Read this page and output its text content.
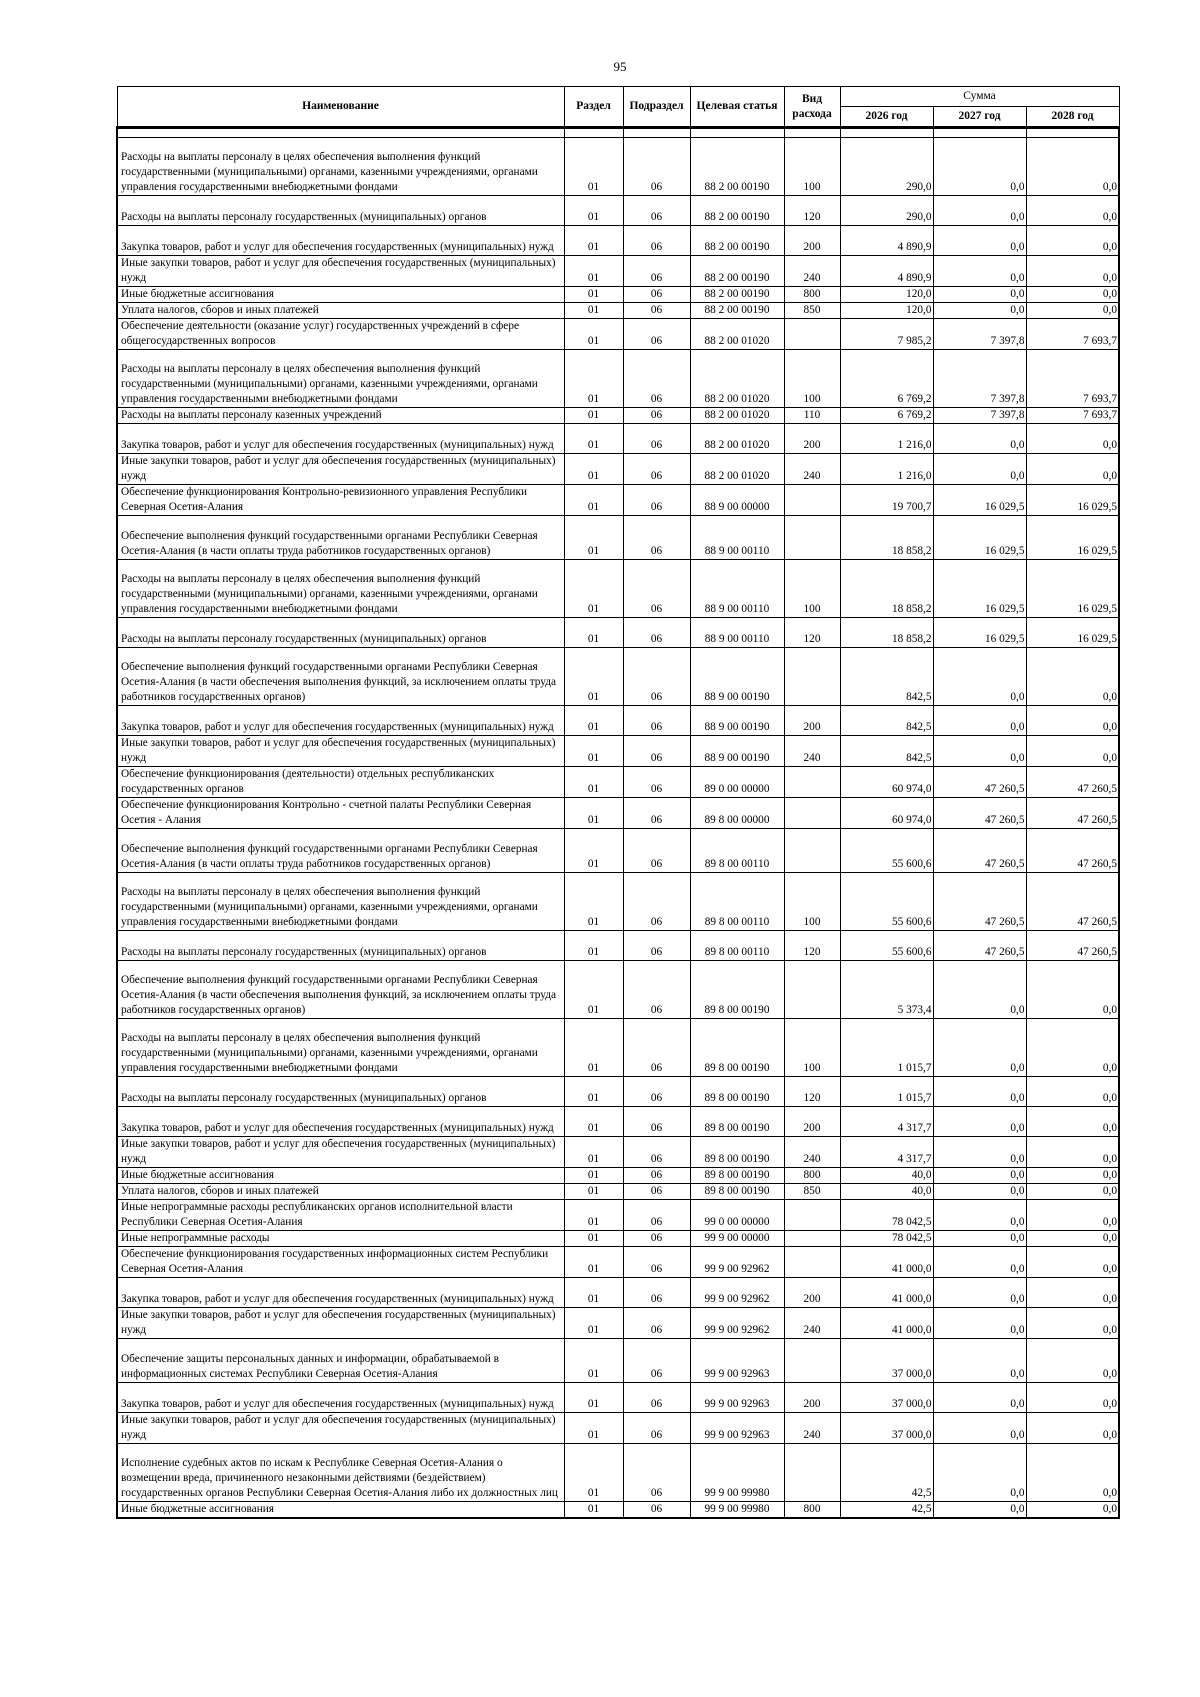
95
Наименование	Раздел	Подраздел	Целевая статья	Вид расхода	Сумма		
					2026 год	2027 год	2028 год

Расходы на выплаты персоналу в целях обеспечения выполнения функций государственными (муниципальными) органами, казенными учреждениями, органами управления государственными внебюджетными фондами	01	06	88 2 00 00190	100	290,0	0,0	0,0
Расходы на выплаты персоналу государственных (муниципальных) органов	01	06	88 2 00 00190	120	290,0	0,0	0,0
Закупка товаров, работ и услуг для обеспечения государственных (муниципальных) нужд	01	06	88 2 00 00190	200	4 890,9	0,0	0,0
Иные закупки товаров, работ и услуг для обеспечения государственных (муниципальных) нужд	01	06	88 2 00 00190	240	4 890,9	0,0	0,0
Иные бюджетные ассигнования	01	06	88 2 00 00190	800	120,0	0,0	0,0
Уплата налогов, сборов и иных платежей	01	06	88 2 00 00190	850	120,0	0,0	0,0
Обеспечение деятельности (оказание услуг) государственных учреждений в сфере общегосударственных вопросов	01	06	88 2 00 01020		7 985,2	7 397,8	7 693,7
Расходы на выплаты персоналу в целях обеспечения выполнения функций государственными (муниципальными) органами, казенными учреждениями, органами управления государственными внебюджетными фондами	01	06	88 2 00 01020	100	6 769,2	7 397,8	7 693,7
Расходы на выплаты персоналу казенных учреждений	01	06	88 2 00 01020	110	6 769,2	7 397,8	7 693,7
Закупка товаров, работ и услуг для обеспечения государственных (муниципальных) нужд	01	06	88 2 00 01020	200	1 216,0	0,0	0,0
Иные закупки товаров, работ и услуг для обеспечения государственных (муниципальных) нужд	01	06	88 2 00 01020	240	1 216,0	0,0	0,0
Обеспечение функционирования Контрольно-ревизионного управления Республики Северная Осетия-Алания	01	06	88 9 00 00000		19 700,7	16 029,5	16 029,5
Обеспечение выполнения функций государственными органами Республики Северная Осетия-Алания (в части оплаты труда работников государственных органов)	01	06	88 9 00 00110		18 858,2	16 029,5	16 029,5
Расходы на выплаты персоналу в целях обеспечения выполнения функций государственными (муниципальными) органами, казенными учреждениями, органами управления государственными внебюджетными фондами	01	06	88 9 00 00110	100	18 858,2	16 029,5	16 029,5
Расходы на выплаты персоналу государственных (муниципальных) органов	01	06	88 9 00 00110	120	18 858,2	16 029,5	16 029,5
Обеспечение выполнения функций государственными органами Республики Северная Осетия-Алания (в части обеспечения выполнения функций, за исключением оплаты труда работников государственных органов)	01	06	88 9 00 00190		842,5	0,0	0,0
Закупка товаров, работ и услуг для обеспечения государственных (муниципальных) нужд	01	06	88 9 00 00190	200	842,5	0,0	0,0
Иные закупки товаров, работ и услуг для обеспечения государственных (муниципальных) нужд	01	06	88 9 00 00190	240	842,5	0,0	0,0
Обеспечение функционирования (деятельности) отдельных республиканских государственных органов	01	06	89 0 00 00000		60 974,0	47 260,5	47 260,5
Обеспечение функционирования Контрольно - счетной палаты Республики Северная Осетия - Алания	01	06	89 8 00 00000		60 974,0	47 260,5	47 260,5
Обеспечение выполнения функций государственными органами Республики Северная Осетия-Алания (в части оплаты труда работников государственных органов)	01	06	89 8 00 00110		55 600,6	47 260,5	47 260,5
Расходы на выплаты персоналу в целях обеспечения выполнения функций государственными (муниципальными) органами, казенными учреждениями, органами управления государственными внебюджетными фондами	01	06	89 8 00 00110	100	55 600,6	47 260,5	47 260,5
Расходы на выплаты персоналу государственных (муниципальных) органов	01	06	89 8 00 00110	120	55 600,6	47 260,5	47 260,5
Обеспечение выполнения функций государственными органами Республики Северная Осетия-Алания (в части обеспечения выполнения функций, за исключением оплаты труда работников государственных органов)	01	06	89 8 00 00190		5 373,4	0,0	0,0
Расходы на выплаты персоналу в целях обеспечения выполнения функций государственными (муниципальными) органами, казенными учреждениями, органами управления государственными внебюджетными фондами	01	06	89 8 00 00190	100	1 015,7	0,0	0,0
Расходы на выплаты персоналу государственных (муниципальных) органов	01	06	89 8 00 00190	120	1 015,7	0,0	0,0
Закупка товаров, работ и услуг для обеспечения государственных (муниципальных) нужд	01	06	89 8 00 00190	200	4 317,7	0,0	0,0
Иные закупки товаров, работ и услуг для обеспечения государственных (муниципальных) нужд	01	06	89 8 00 00190	240	4 317,7	0,0	0,0
Иные бюджетные ассигнования	01	06	89 8 00 00190	800	40,0	0,0	0,0
Уплата налогов, сборов и иных платежей	01	06	89 8 00 00190	850	40,0	0,0	0,0
Иные непрограммные расходы республиканских органов исполнительной власти Республики Северная Осетия-Алания	01	06	99 0 00 00000		78 042,5	0,0	0,0
Иные непрограммные расходы	01	06	99 9 00 00000		78 042,5	0,0	0,0
Обеспечение функционирования государственных информационных систем Республики Северная Осетия-Алания	01	06	99 9 00 92962		41 000,0	0,0	0,0
Закупка товаров, работ и услуг для обеспечения государственных (муниципальных) нужд	01	06	99 9 00 92962	200	41 000,0	0,0	0,0
Иные закупки товаров, работ и услуг для обеспечения государственных (муниципальных) нужд	01	06	99 9 00 92962	240	41 000,0	0,0	0,0
Обеспечение защиты персональных данных и информации, обрабатываемой в информационных системах Республики Северная Осетия-Алания	01	06	99 9 00 92963		37 000,0	0,0	0,0
Закупка товаров, работ и услуг для обеспечения государственных (муниципальных) нужд	01	06	99 9 00 92963	200	37 000,0	0,0	0,0
Иные закупки товаров, работ и услуг для обеспечения государственных (муниципальных) нужд	01	06	99 9 00 92963	240	37 000,0	0,0	0,0
Исполнение судебных актов по искам к Республике Северная Осетия-Алания о возмещении вреда, причиненного незаконными действиями (бездействием) государственных органов Республики Северная Осетия-Алания либо их должностных лиц	01	06	99 9 00 99980		42,5	0,0	0,0
Иные бюджетные ассигнования	01	06	99 9 00 99980	800	42,5	0,0	0,0
